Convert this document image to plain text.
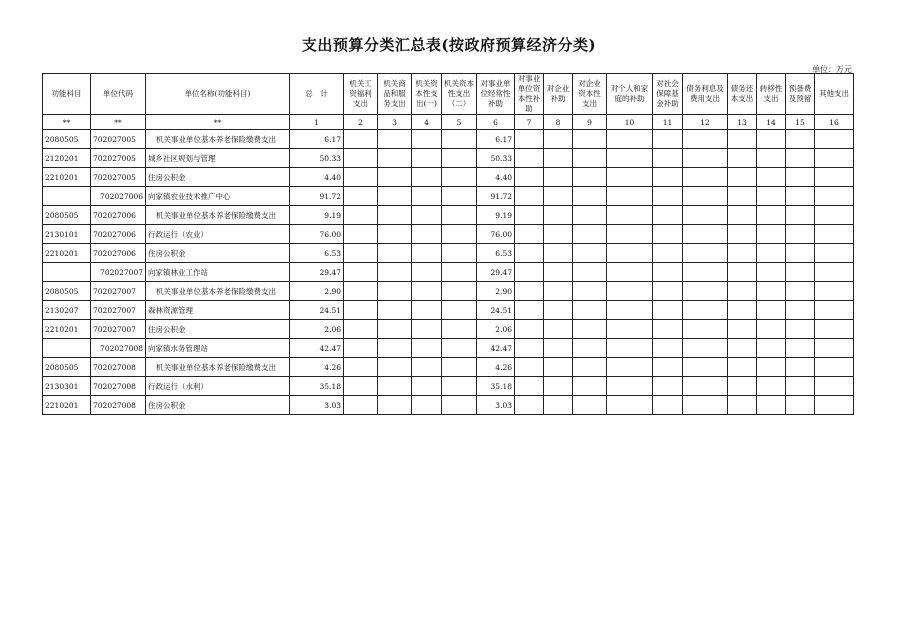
支出预算分类汇总表(按政府预算经济分类)
单位：万元
功能科目	单位代码	单位名称(功能科目)	总　计	机关工资福利支出	机关商品和服务支出	机关资本性支出(一)	机关资本性支出（二）	对事业单位经常性补助	对事业单位资本性补助	对企业补助	对企业资本性支出	对个人和家庭的补助	对社会保障基金补助	债务利息及费用支出	债务还本支出	转移性支出	预备费及预留	其他支出
**	**	**	1	2	3	4	5	6	7	8	9	10	11	12	13	14	15	16
2080505	702027005	机关事业单位基本养老保险缴费支出	6.17					6.17										
2120201	702027005	城乡社区规划与管理	50.33					50.33										
2210201	702027005	住房公积金	4.40					4.40										
	702027006	向家镇农业技术推广中心	91.72					91.72										
2080505	702027006	机关事业单位基本养老保险缴费支出	9.19					9.19										
2130101	702027006	行政运行（农业）	76.00					76.00										
2210201	702027006	住房公积金	6.53					6.53										
	702027007	向家镇林业工作站	29.47					29.47										
2080505	702027007	机关事业单位基本养老保险缴费支出	2.90					2.90										
2130207	702027007	森林资源管理	24.51					24.51										
2210201	702027007	住房公积金	2.06					2.06										
	702027008	向家镇水务管理站	42.47					42.47										
2080505	702027008	机关事业单位基本养老保险缴费支出	4.26					4.26										
2130301	702027008	行政运行（水利）	35.18					35.18										
2210201	702027008	住房公积金	3.03					3.03										
